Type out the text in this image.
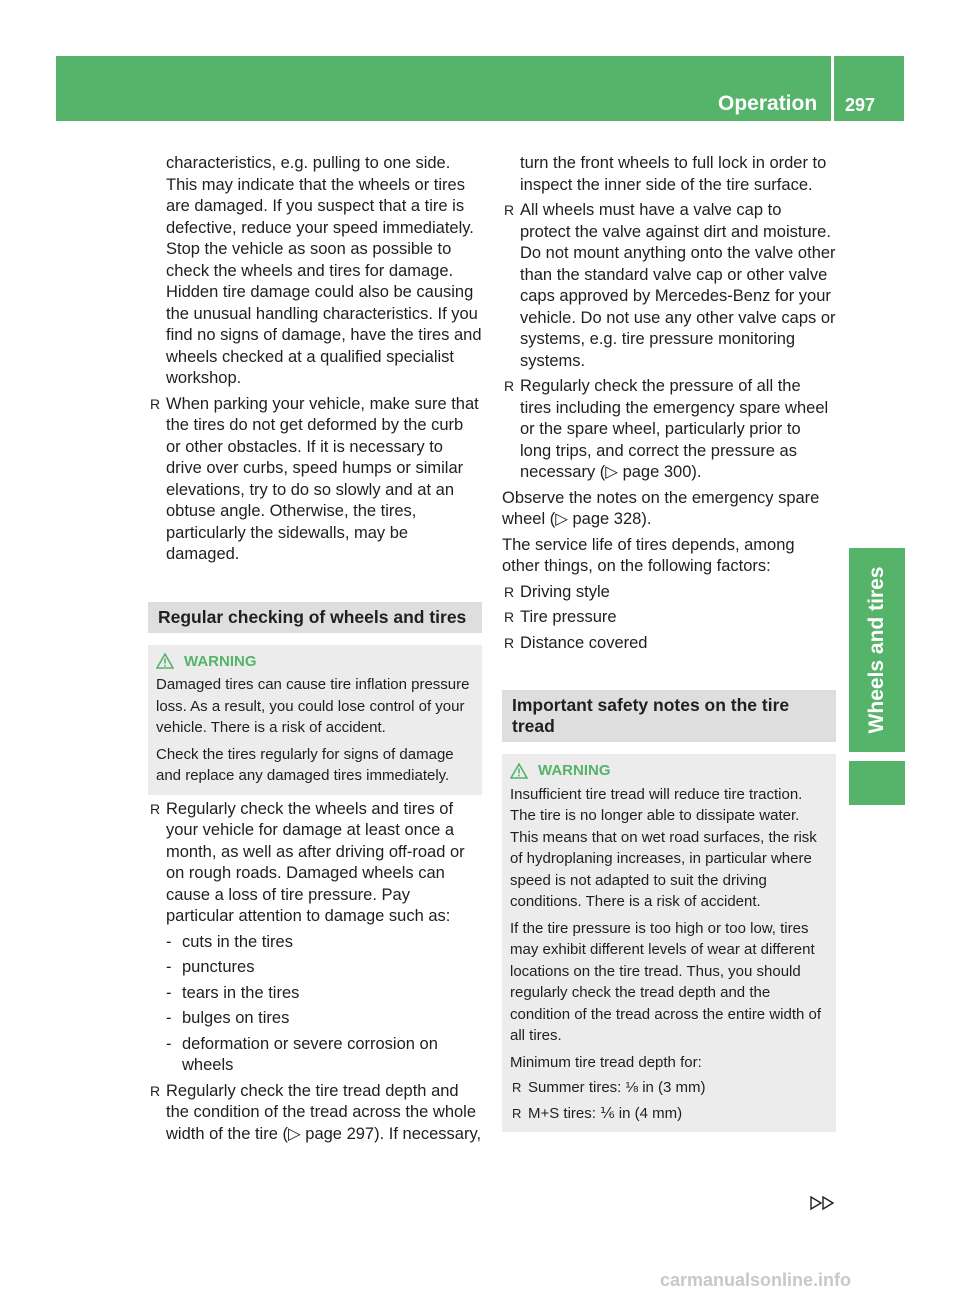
Operation 297
Wheels and tires

characteristics, e.g. pulling to one side.

This may indicate that the wheels or tires are damaged. If you suspect that a tire is defective, reduce your speed immediately.

Stop the vehicle as soon as possible to check the wheels and tires for damage.

Hidden tire damage could also be causing the unusual handling characteristics. If you find no signs of damage, have the tires and wheels checked at a qualified specialist workshop.

R When parking your vehicle, make sure that the tires do not get deformed by the curb or other obstacles. If it is necessary to drive over curbs, speed humps or similar elevations, try to do so slowly and at an obtuse angle. Otherwise, the tires, particularly the sidewalls, may be damaged.
Regular checking of wheels and tires
WARNING

Damaged tires can cause tire inflation pressure loss. As a result, you could lose control of your vehicle. There is a risk of accident.

Check the tires regularly for signs of damage and replace any damaged tires immediately.

R Regularly check the wheels and tires of your vehicle for damage at least once a month, as well as after driving off-road or on rough roads. Damaged wheels can cause a loss of tire pressure. Pay particular attention to damage such as:
- cuts in the tires
- punctures
- tears in the tires
- bulges on tires
- deformation or severe corrosion on wheels
R Regularly check the tire tread depth and the condition of the tread across the whole width of the tire (▷ page 297). If necessary,

turn the front wheels to full lock in order to inspect the inner side of the tire surface.

R All wheels must have a valve cap to protect the valve against dirt and moisture. Do not mount anything onto the valve other than the standard valve cap or other valve caps approved by Mercedes-Benz for your vehicle. Do not use any other valve caps or systems, e.g. tire pressure monitoring systems.
R Regularly check the pressure of all the tires including the emergency spare wheel or the spare wheel, particularly prior to long trips, and correct the pressure as necessary (▷ page 300).

Observe the notes on the emergency spare wheel (▷ page 328).

The service life of tires depends, among other things, on the following factors:

R Driving style
R Tire pressure
R Distance covered
Important safety notes on the tire tread
WARNING

Insufficient tire tread will reduce tire traction. The tire is no longer able to dissipate water. This means that on wet road surfaces, the risk of hydroplaning increases, in particular where speed is not adapted to suit the driving conditions. There is a risk of accident.

If the tire pressure is too high or too low, tires may exhibit different levels of wear at different locations on the tire tread. Thus, you should regularly check the tread depth and the condition of the tread across the entire width of all tires.

Minimum tire tread depth for:

R Summer tires: ⅛ in (3 mm)
R M+S tires: ⅙ in (4 mm)
carmanualsonline.info
